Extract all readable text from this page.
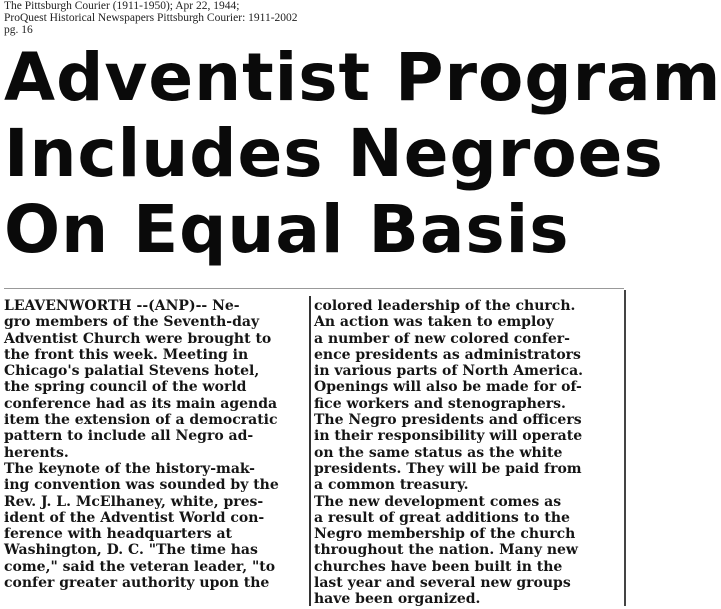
The Pittsburgh Courier (1911-1950); Apr 22, 1944;
ProQuest Historical Newspapers Pittsburgh Courier: 1911-2002
pg. 16
Adventist Program
Includes Negroes
On Equal Basis
LEAVENWORTH --(ANP)-- Ne-
gro members of the Seventh-day
Adventist Church were brought to
the front this week. Meeting in
Chicago's palatial Stevens hotel,
the spring council of the world
conference had as its main agenda
item the extension of a democratic
pattern to include all Negro ad-
herents.
The keynote of the history-mak-
ing convention was sounded by the
Rev. J. L. McElhaney, white, pres-
ident of the Adventist World con-
ference with headquarters at
Washington, D. C. "The time has
come," said the veteran leader, "to
confer greater authority upon the
colored leadership of the church.
An action was taken to employ
a number of new colored confer-
ence presidents as administrators
in various parts of North America.
Openings will also be made for of-
fice workers and stenographers.
The Negro presidents and officers
in their responsibility will operate
on the same status as the white
presidents. They will be paid from
a common treasury.
The new development comes as
a result of great additions to the
Negro membership of the church
throughout the nation. Many new
churches have been built in the
last year and several new groups
have been organized.
